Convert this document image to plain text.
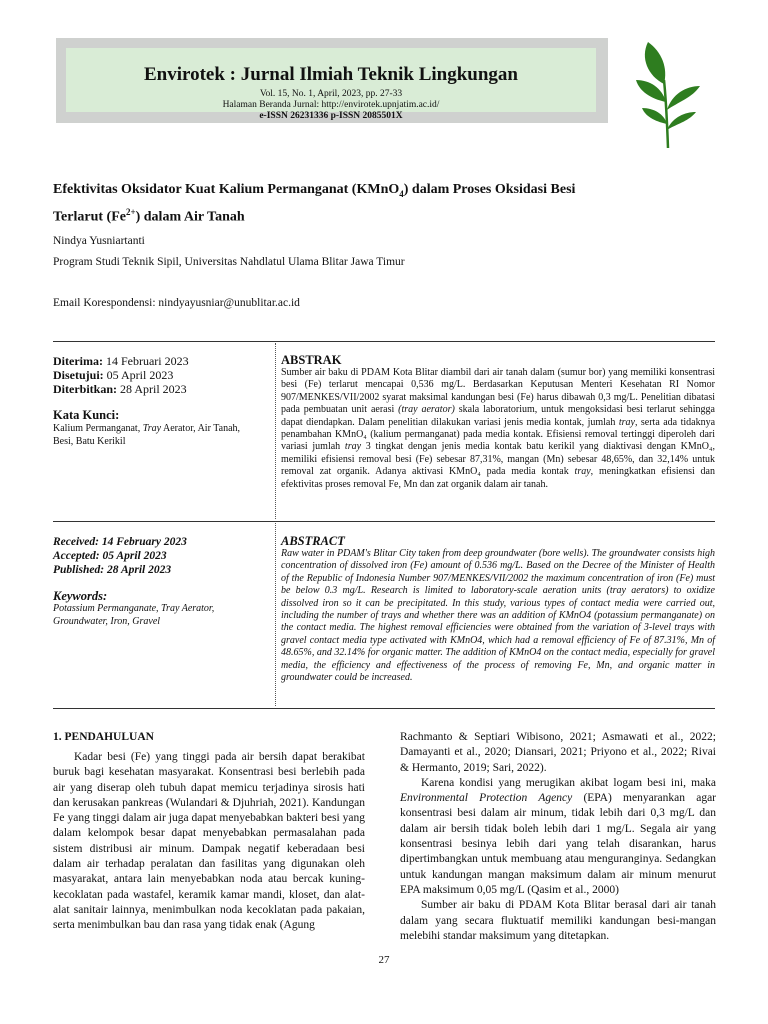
Envirotek : Jurnal Ilmiah Teknik Lingkungan
Vol. 15, No. 1, April, 2023, pp. 27-33
Halaman Beranda Jurnal: http://envirotek.upnjatim.ac.id/
e-ISSN 26231336 p-ISSN 2085501X
Efektivitas Oksidator Kuat Kalium Permanganat (KMnO$_4$) dalam Proses Oksidasi Besi
Terlarut $(Fe^{2+})$ dalam Air Tanah
Nindya Yusniartanti
Program Studi Teknik Sipil, Universitas Nahdlatul Ulama Blitar Jawa Timur
Email Korespondensi: nindyayusniar@unublitar.ac.id
Diterima: 14 Februari 2023
Disetujui: 05 April 2023
Diterbitkan: 28 April 2023
Kata Kunci:
Kalium Permanganat, Tray Aerator, Air Tanah, Besi, Batu Kerikil
ABSTRAK
Sumber air baku di PDAM Kota Blitar diambil dari air tanah dalam (sumur bor) yang memiliki konsentrasi besi (Fe) terlarut mencapai 0,536 mg/L. Berdasarkan Keputusan Menteri Kesehatan RI Nomor 907/MENKES/VII/2002 syarat maksimal kandungan besi (Fe) harus dibawah 0,3 mg/L. Penelitian dibatasi pada pembuatan unit aerasi (tray aerator) skala laboratorium, untuk mengoksidasi besi terlarut sehingga dapat diendapkan. Dalam penelitian dilakukan variasi jenis media kontak, jumlah tray, serta ada tidaknya penambahan KMnO₄ (kalium permanganat) pada media kontak. Efisiensi removal tertinggi diperoleh dari variasi jumlah tray 3 tingkat dengan jenis media kontak batu kerikil yang diaktivasi dengan KMnO₄, memiliki efisiensi removal besi (Fe) sebesar 87,31%, mangan (Mn) sebesar 48,65%, dan 32,14% untuk removal zat organik. Adanya aktivasi KMnO₄ pada media kontak tray, meningkatkan efisiensi dan efektivitas proses removal Fe, Mn dan zat organik dalam air tanah.
Received: 14 February 2023
Accepted: 05 April 2023
Published: 28 April 2023
Keywords:
Potassium Permanganate, Tray Aerator, Groundwater, Iron, Gravel
ABSTRACT
Raw water in PDAM's Blitar City taken from deep groundwater (bore wells). The groundwater consists high concentration of dissolved iron (Fe) amount of 0.536 mg/L. Based on the Decree of the Minister of Health of the Republic of Indonesia Number 907/MENKES/VII/2002 the maximum concentration of iron (Fe) must be below 0.3 mg/L. Research is limited to laboratory-scale aeration units (tray aerators) to oxidize dissolved iron so it can be precipitated. In this study, various types of contact media were carried out, including the number of trays and whether there was an addition of KMnO4 (potassium permanganate) on the contact media. The highest removal efficiencies were obtained from the variation of 3-level trays with gravel contact media type activated with KMnO4, which had a removal efficiency of Fe of 87.31%, Mn of 48.65%, and 32.14% for organic matter. The addition of KMnO4 on the contact media, especially for gravel media, the efficiency and effectiveness of the process of removing Fe, Mn, and organic matter in groundwater could be increased.
1. PENDAHULUAN

Kadar besi (Fe) yang tinggi pada air bersih dapat berakibat buruk bagi kesehatan masyarakat. Konsentrasi besi berlebih pada air yang diserap oleh tubuh dapat memicu terjadinya sirosis hati dan kerusakan pankreas (Wulandari & Djuhriah, 2021). Kandungan Fe yang tinggi dalam air juga dapat menyebabkan bakteri besi yang dalam kelompok besar dapat menyebabkan permasalahan pada sistem distribusi air minum. Dampak negatif keberadaan besi dalam air terhadap peralatan dan fasilitas yang digunakan oleh masyarakat, antara lain menyebabkan noda atau bercak kuning-kecoklatan pada wastafel, keramik kamar mandi, kloset, dan alat-alat sanitair lainnya, menimbulkan noda kecoklatan pada pakaian, serta menimbulkan bau dan rasa yang tidak enak (Agung

Rachmanto & Septiari Wibisono, 2021; Asmawati et al., 2022; Damayanti et al., 2020; Diansari, 2021; Priyono et al., 2022; Rivai & Hermanto, 2019; Sari, 2022).

Karena kondisi yang merugikan akibat logam besi ini, maka Environmental Protection Agency (EPA) menyarankan agar konsentrasi besi dalam air minum, tidak lebih dari 0,3 mg/L dan dalam air bersih tidak boleh lebih dari 1 mg/L. Segala air yang konsentrasi besinya lebih dari yang telah disarankan, harus dipertimbangkan untuk membuang atau menguranginya. Sedangkan untuk kandungan mangan maksimum dalam air minum menurut EPA maksimum 0,05 mg/L (Qasim et al., 2000)

Sumber air baku di PDAM Kota Blitar berasal dari air tanah dalam yang secara fluktuatif memiliki kandungan besi-mangan melebihi standar maksimum yang ditetapkan.

27
